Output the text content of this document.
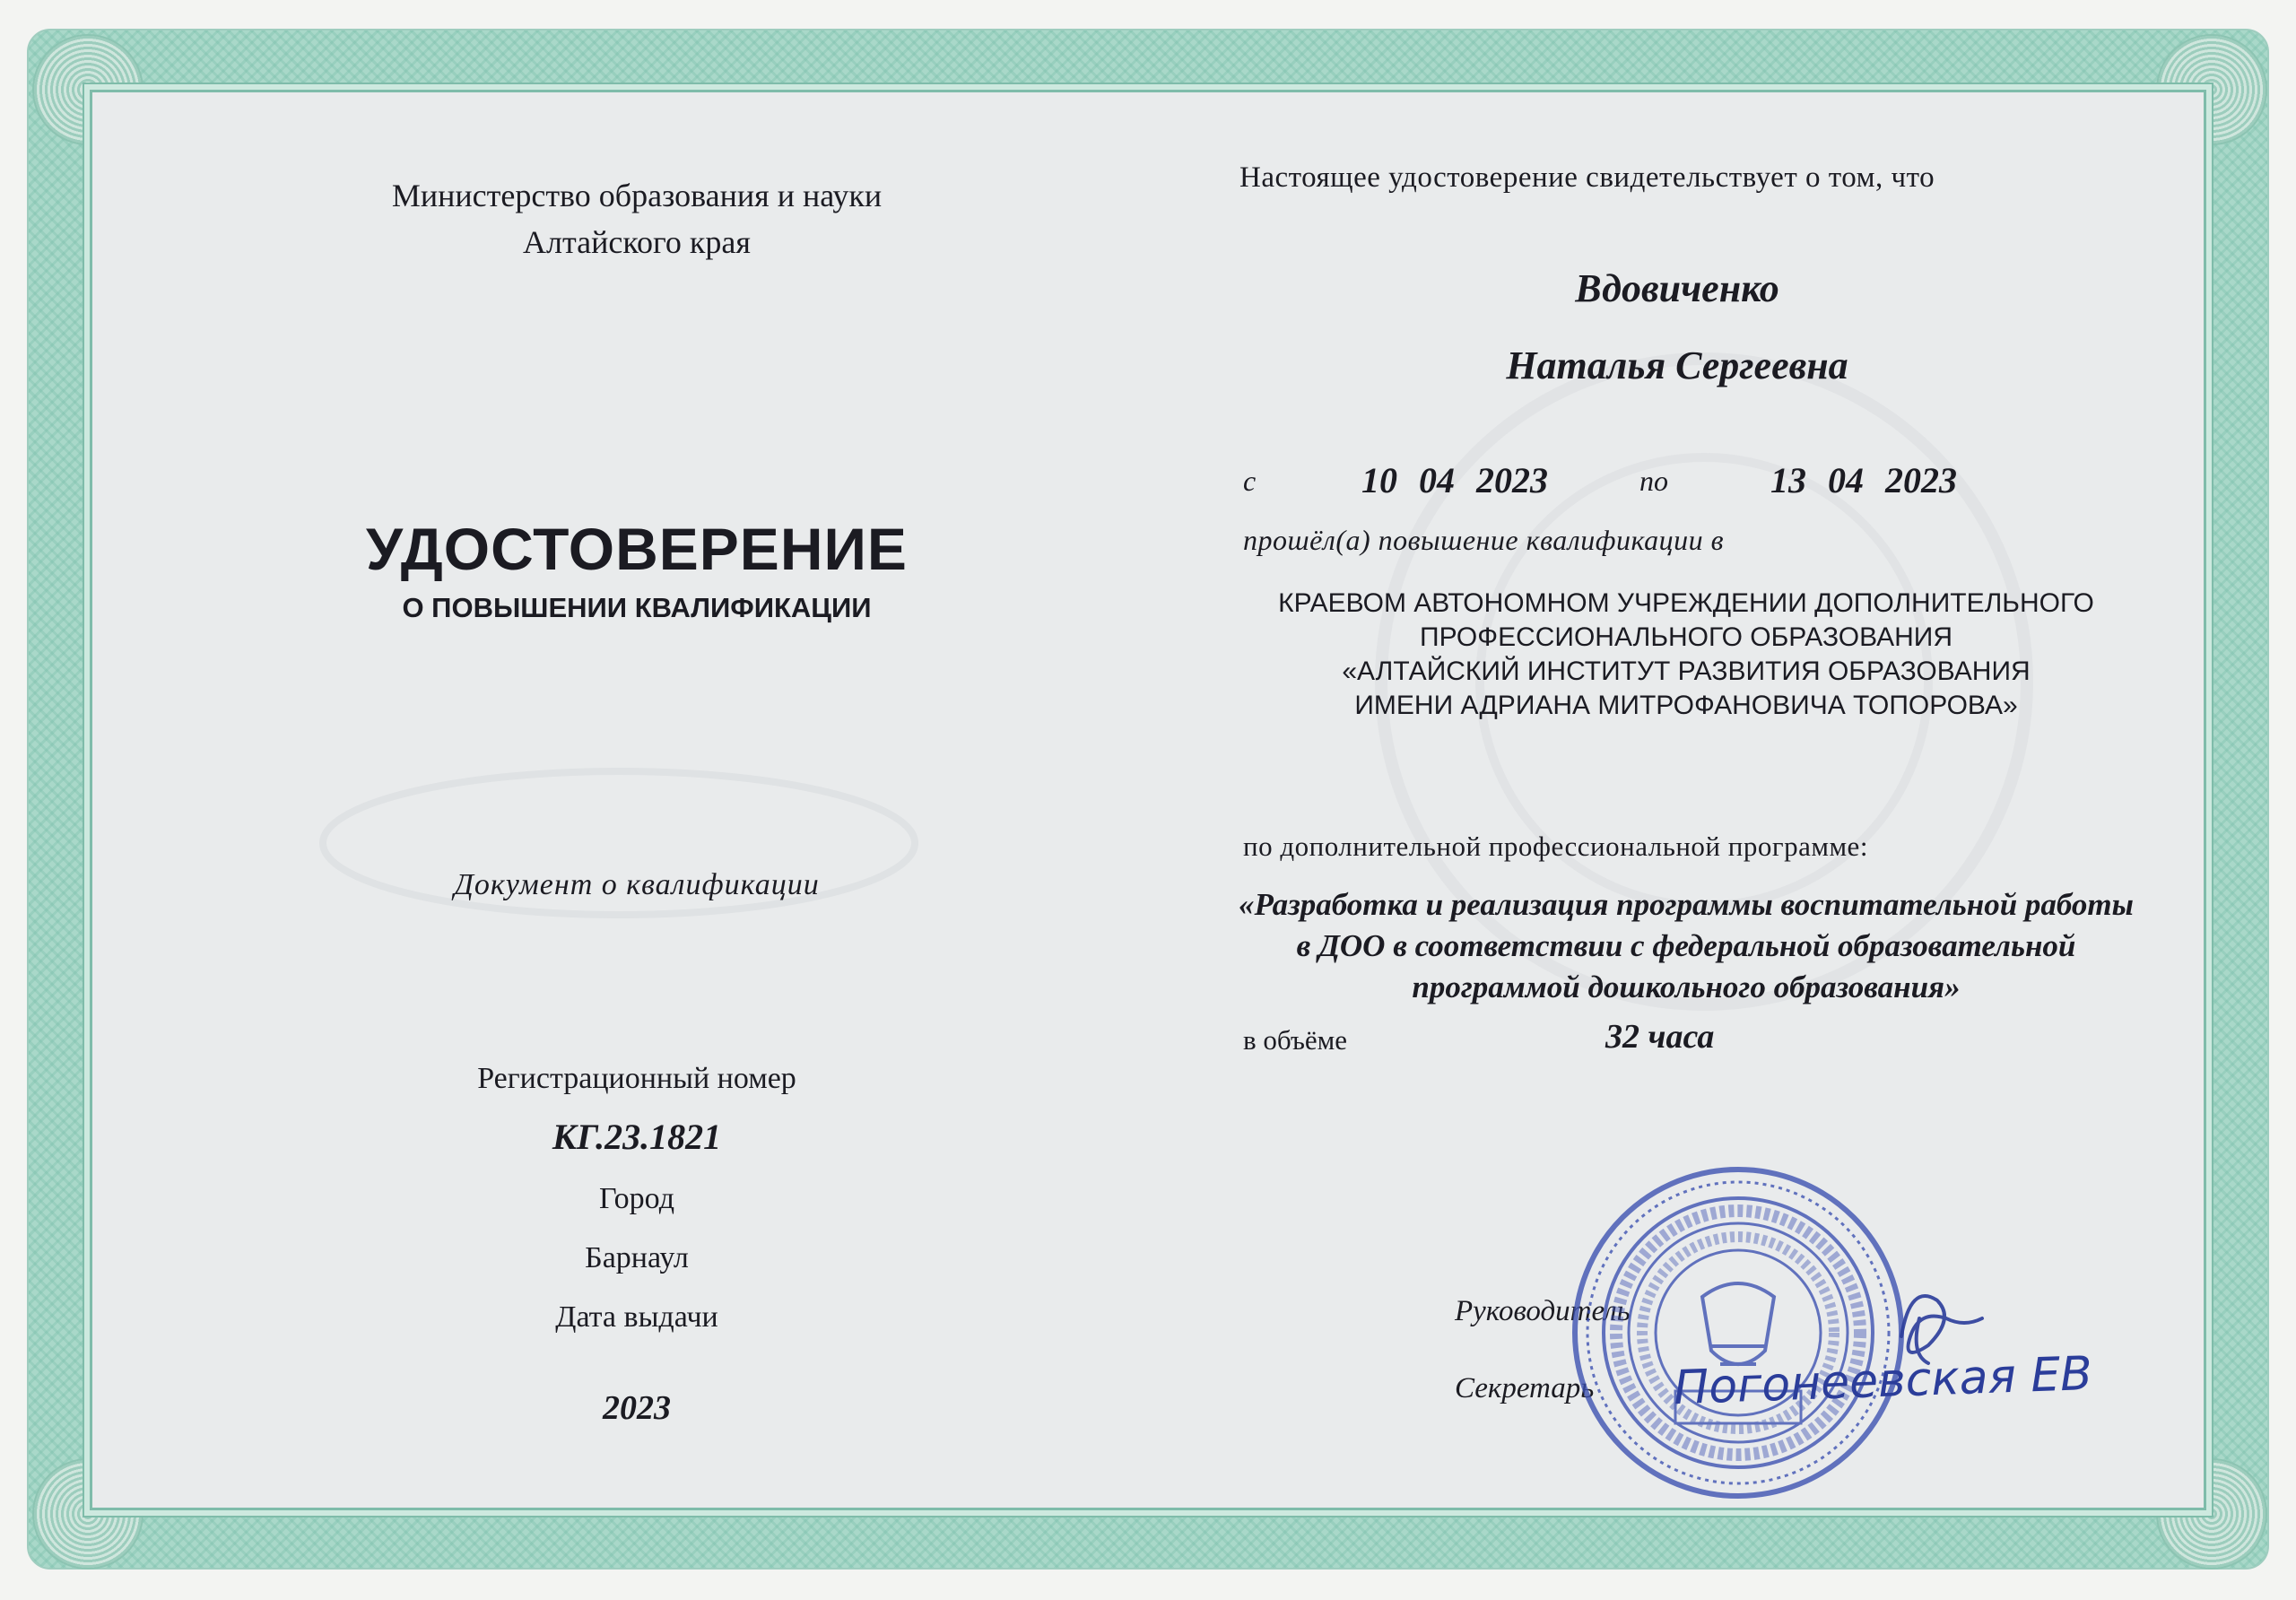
Министерство образования и науки
Алтайского края
УДОСТОВЕРЕНИЕ
О ПОВЫШЕНИИ КВАЛИФИКАЦИИ
Документ о квалификации
Регистрационный номер
КГ.23.1821
Город
Барнаул
Дата выдачи
2023
Настоящее удостоверение свидетельствует о том, что
Вдовиченко
Наталья Сергеевна
с	10 04 2023	по	13 04 2023
прошёл(а) повышение квалификации в
КРАЕВОМ АВТОНОМНОМ УЧРЕЖДЕНИИ ДОПОЛНИТЕЛЬНОГО
ПРОФЕССИОНАЛЬНОГО ОБРАЗОВАНИЯ
«АЛТАЙСКИЙ ИНСТИТУТ РАЗВИТИЯ ОБРАЗОВАНИЯ
ИМЕНИ АДРИАНА МИТРОФАНОВИЧА ТОПОРОВА»
по дополнительной профессиональной программе:
«Разработка и реализация программы воспитательной работы
в ДОО в соответствии с федеральной образовательной
программой дошкольного образования»
в объёме	32 часа
Руководитель
Секретарь Погонеевская ЕВ
